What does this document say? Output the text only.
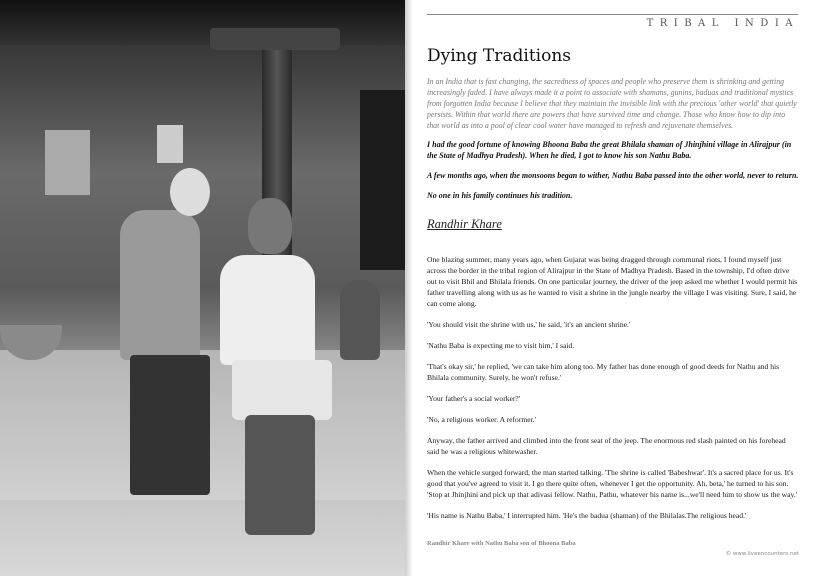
TRIBAL INDIA
Dying Traditions

In an India that is fast changing, the sacredness of spaces and people who preserve them is shrinking and getting increasingly faded. I have always made it a point to associate with shamans, gunins, baduas and traditional mystics from forgotten India because I believe that they maintain the invisible link with the precious 'other world' that quietly persists. Within that world there are powers that have survived time and change. Those who know how to dip into that world as into a pool of clear cool water have managed to refresh and rejuvenate themselves.

I had the good fortune of knowing Bhoona Baba the great Bhilala shaman of Jhinjhini village in Alirajpur (in the State of Madhya Pradesh). When he died, I got to know his son Nathu Baba.

A few months ago, when the monsoons began to wither, Nathu Baba passed into the other world, never to return.

No one in his family continues his tradition.

Randhir Khare

One blazing summer, many years ago, when Gujarat was being dragged through communal riots, I found myself just across the border in the tribal region of Alirajpur in the State of Madhya Pradesh. Based in the township, I'd often drive out to visit Bhil and Bhilala friends. On one particular journey, the driver of the jeep asked me whether I would permit his father travelling along with us as he wanted to visit a shrine in the jungle nearby the village I was visiting. Sure, I said, he can come along.

'You should visit the shrine with us,' he said, 'it's an ancient shrine.'

'Nathu Baba is expecting me to visit him,' I said.

'That's okay sir,' he replied, 'we can take him along too. My father has done enough of good deeds for Nathu and his Bhilala community. Surely, he won't refuse.'

'Your father's a social worker?'

'No, a religious worker. A reformer.'

Anyway, the father arrived and climbed into the front seat of the jeep. The enormous red slash painted on his forehead said he was a religious whitewasher.

When the vehicle surged forward, the man started talking. 'The shrine is called 'Babeshwar'. It's a sacred place for us. It's good that you've agreed to visit it. I go there quite often, whenever I get the opportunity. Ah, beta,' he turned to his son. 'Stop at Jhinjhini and pick up that adivasi fellow. Nathu, Pathu, whatever his name is...we'll need him to show us the way.'

'His name is Nathu Baba,' I interrupted him. 'He's the badua (shaman) of the Bhilalas.The religious head.'

Randhir Khare with Nathu Baba son of Bhoona Baba
© www.liveencounters.net
